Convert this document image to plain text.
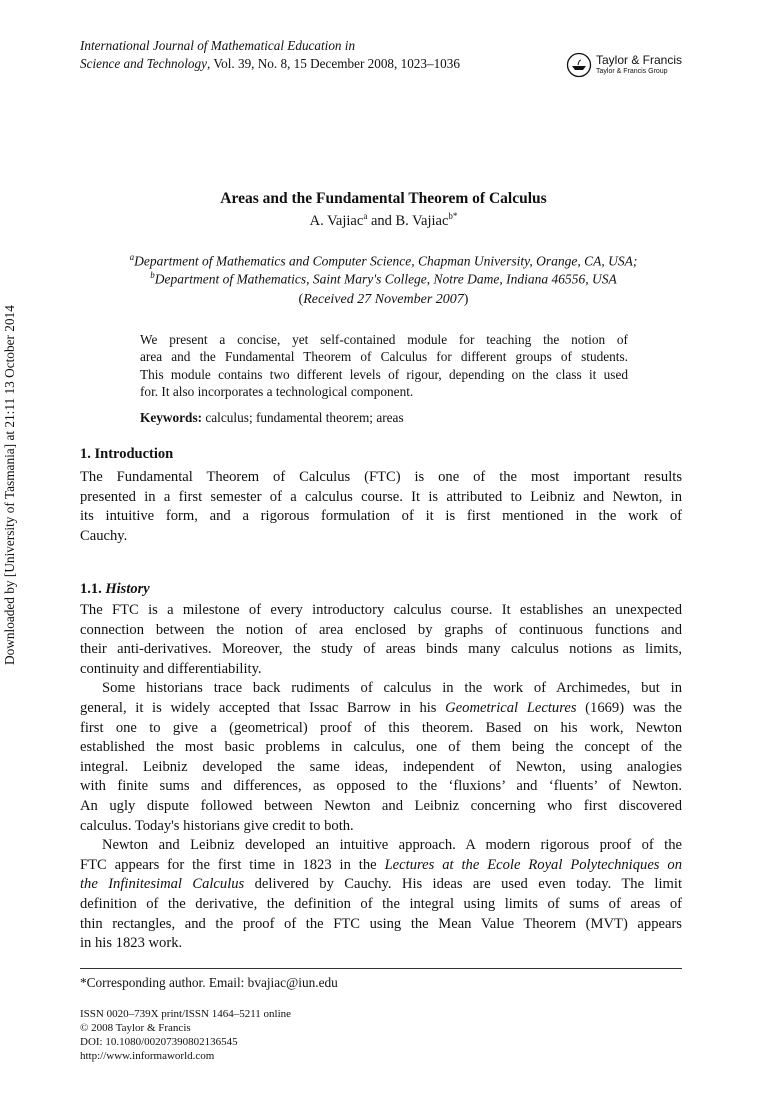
Downloaded by [University of Tasmania] at 21:11 13 October 2014
International Journal of Mathematical Education in
Science and Technology, Vol. 39, No. 8, 15 December 2008, 1023–1036	Taylor & Francis
Taylor & Francis Group
Areas and the Fundamental Theorem of Calculus
A. Vajiac$^a$ and B. Vajiac$^{b*}$
$^a$Department of Mathematics and Computer Science, Chapman University, Orange, CA, USA;
$^b$Department of Mathematics, Saint Mary's College, Notre Dame, Indiana 46556, USA
(Received 27 November 2007)
We present a concise, yet self-contained module for teaching the notion of
area and the Fundamental Theorem of Calculus for different groups of students.
This module contains two different levels of rigour, depending on the class it used
for. It also incorporates a technological component.
Keywords: calculus; fundamental theorem; areas
1. Introduction
The Fundamental Theorem of Calculus (FTC) is one of the most important results
presented in a first semester of a calculus course. It is attributed to Leibniz and Newton, in
its intuitive form, and a rigorous formulation of it is first mentioned in the work of
Cauchy.
1.1. History
The FTC is a milestone of every introductory calculus course. It establishes an unexpected
connection between the notion of area enclosed by graphs of continuous functions and
their anti-derivatives. Moreover, the study of areas binds many calculus notions as limits,
continuity and differentiability.
Some historians trace back rudiments of calculus in the work of Archimedes, but in
general, it is widely accepted that Issac Barrow in his Geometrical Lectures (1669) was the
first one to give a (geometrical) proof of this theorem. Based on his work, Newton
established the most basic problems in calculus, one of them being the concept of the
integral. Leibniz developed the same ideas, independent of Newton, using analogies
with finite sums and differences, as opposed to the ‘fluxions’ and ‘fluents’ of Newton.
An ugly dispute followed between Newton and Leibniz concerning who first discovered
calculus. Today's historians give credit to both.
Newton and Leibniz developed an intuitive approach. A modern rigorous proof of the
FTC appears for the first time in 1823 in the Lectures at the Ecole Royal Polytechniques on
the Infinitesimal Calculus delivered by Cauchy. His ideas are used even today. The limit
definition of the derivative, the definition of the integral using limits of sums of areas of
thin rectangles, and the proof of the FTC using the Mean Value Theorem (MVT) appears
in his 1823 work.
*Corresponding author. Email: bvajiac@iun.edu
ISSN 0020–739X print/ISSN 1464–5211 online
© 2008 Taylor & Francis
DOI: 10.1080/00207390802136545
http://www.informaworld.com
